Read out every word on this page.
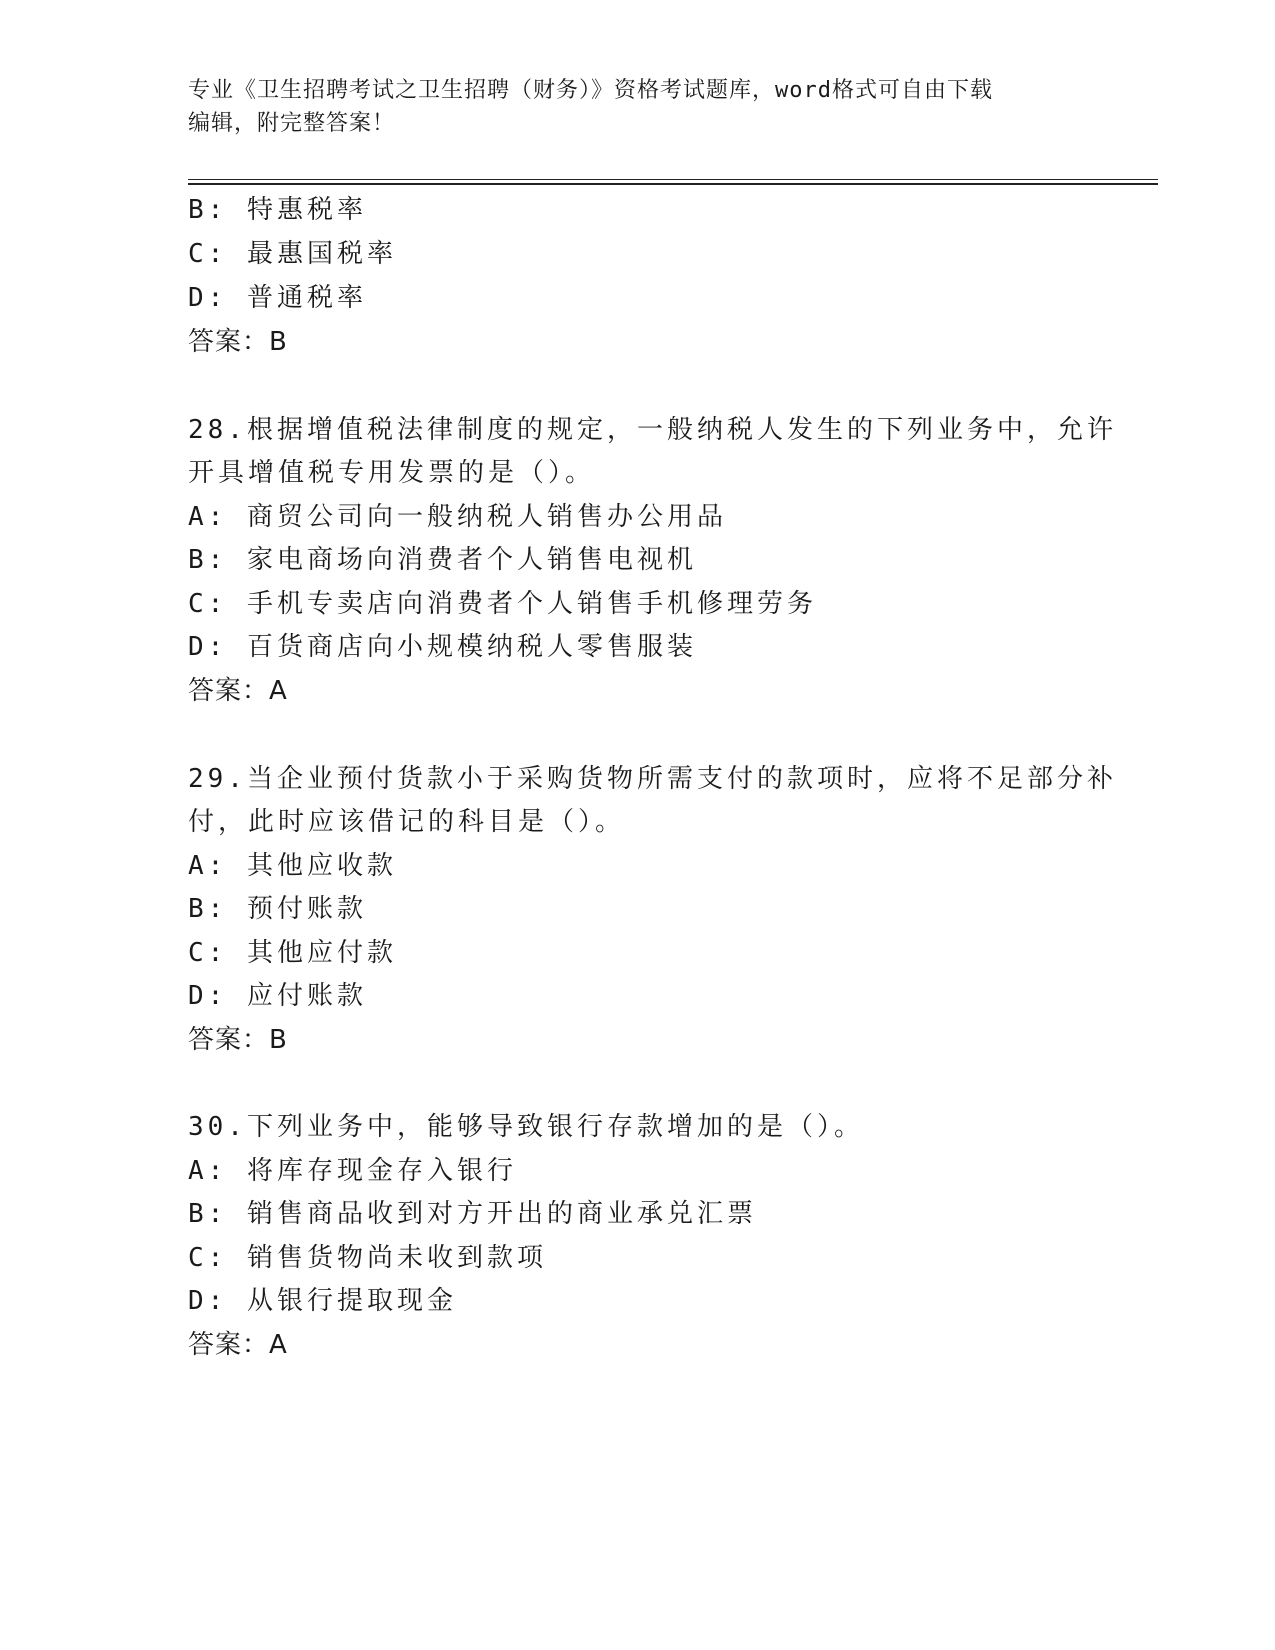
专业《卫生招聘考试之卫生招聘（财务）》资格考试题库，word格式可自由下载
编辑，附完整答案！
B: 特惠税率
C: 最惠国税率
D: 普通税率
答案：B
28.根据增值税法律制度的规定，一般纳税人发生的下列业务中，允许
开具增值税专用发票的是（）。
A: 商贸公司向一般纳税人销售办公用品
B: 家电商场向消费者个人销售电视机
C: 手机专卖店向消费者个人销售手机修理劳务
D: 百货商店向小规模纳税人零售服装
答案：A
29.当企业预付货款小于采购货物所需支付的款项时，应将不足部分补
付，此时应该借记的科目是（）。
A: 其他应收款
B: 预付账款
C: 其他应付款
D: 应付账款
答案：B
30.下列业务中，能够导致银行存款增加的是（）。
A: 将库存现金存入银行
B: 销售商品收到对方开出的商业承兑汇票
C: 销售货物尚未收到款项
D: 从银行提取现金
答案：A
